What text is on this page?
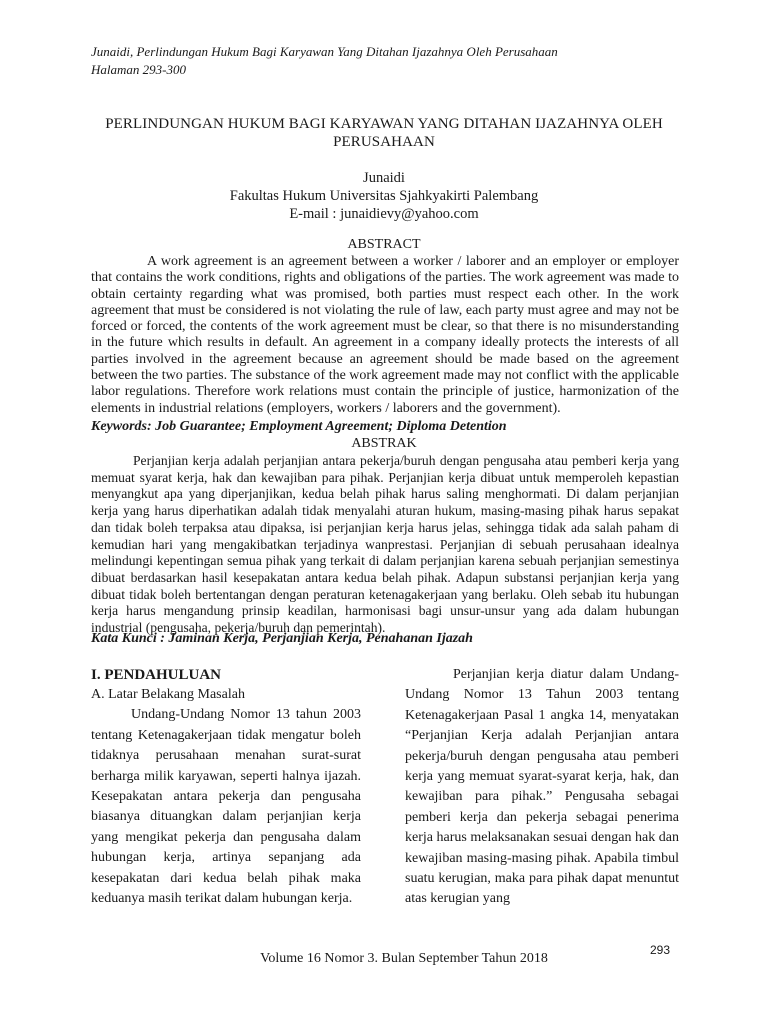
Junaidi, Perlindungan Hukum Bagi Karyawan Yang Ditahan Ijazahnya Oleh Perusahaan
Halaman 293-300
PERLINDUNGAN HUKUM BAGI KARYAWAN YANG DITAHAN IJAZAHNYA OLEH PERUSAHAAN
Junaidi
Fakultas Hukum Universitas Sjahkyakirti Palembang
E-mail : junaidievy@yahoo.com
ABSTRACT

A work agreement is an agreement between a worker / laborer and an employer or employer that contains the work conditions, rights and obligations of the parties. The work agreement was made to obtain certainty regarding what was promised, both parties must respect each other. In the work agreement that must be considered is not violating the rule of law, each party must agree and may not be forced or forced, the contents of the work agreement must be clear, so that there is no misunderstanding in the future which results in default. An agreement in a company ideally protects the interests of all parties involved in the agreement because an agreement should be made based on the agreement between the two parties. The substance of the work agreement made may not conflict with the applicable labor regulations. Therefore work relations must contain the principle of justice, harmonization of the elements in industrial relations (employers, workers / laborers and the government).

Keywords: Job Guarantee; Employment Agreement; Diploma Detention
ABSTRAK

Perjanjian kerja adalah perjanjian antara pekerja/buruh dengan pengusaha atau pemberi kerja yang memuat syarat kerja, hak dan kewajiban para pihak. Perjanjian kerja dibuat untuk memperoleh kepastian menyangkut apa yang diperjanjikan, kedua belah pihak harus saling menghormati. Di dalam perjanjian kerja yang harus diperhatikan adalah tidak menyalahi aturan hukum, masing-masing pihak harus sepakat dan tidak boleh terpaksa atau dipaksa, isi perjanjian kerja harus jelas, sehingga tidak ada salah paham di kemudian hari yang mengakibatkan terjadinya wanprestasi. Perjanjian di sebuah perusahaan idealnya melindungi kepentingan semua pihak yang terkait di dalam perjanjian karena sebuah perjanjian semestinya dibuat berdasarkan hasil kesepakatan antara kedua belah pihak. Adapun substansi perjanjian kerja yang dibuat tidak boleh bertentangan dengan peraturan ketenagakerjaan yang berlaku. Oleh sebab itu hubungan kerja harus mengandung prinsip keadilan, harmonisasi bagi unsur-unsur yang ada dalam hubungan industrial (pengusaha, pekerja/buruh dan pemerintah).

Kata Kunci : Jaminan Kerja, Perjanjian Kerja, Penahanan Ijazah

I. PENDAHULUAN

A. Latar Belakang Masalah

Undang-Undang Nomor 13 tahun 2003 tentang Ketenagakerjaan tidak mengatur boleh tidaknya perusahaan menahan surat-surat berharga milik karyawan, seperti halnya ijazah. Kesepakatan antara pekerja dan pengusaha biasanya dituangkan dalam perjanjian kerja yang mengikat pekerja dan pengusaha dalam hubungan kerja, artinya sepanjang ada kesepakatan dari kedua belah pihak maka keduanya masih terikat dalam hubungan kerja.

Perjanjian kerja diatur dalam Undang-Undang Nomor 13 Tahun 2003 tentang Ketenagakerjaan Pasal 1 angka 14, menyatakan “Perjanjian Kerja adalah Perjanjian antara pekerja/buruh dengan pengusaha atau pemberi kerja yang memuat syarat-syarat kerja, hak, dan kewajiban para pihak.” Pengusaha sebagai pemberi kerja dan pekerja sebagai penerima kerja harus melaksanakan sesuai dengan hak dan kewajiban masing-masing pihak. Apabila timbul suatu kerugian, maka para pihak dapat menuntut atas kerugian yang

293
Volume 16 Nomor 3. Bulan September Tahun 2018
